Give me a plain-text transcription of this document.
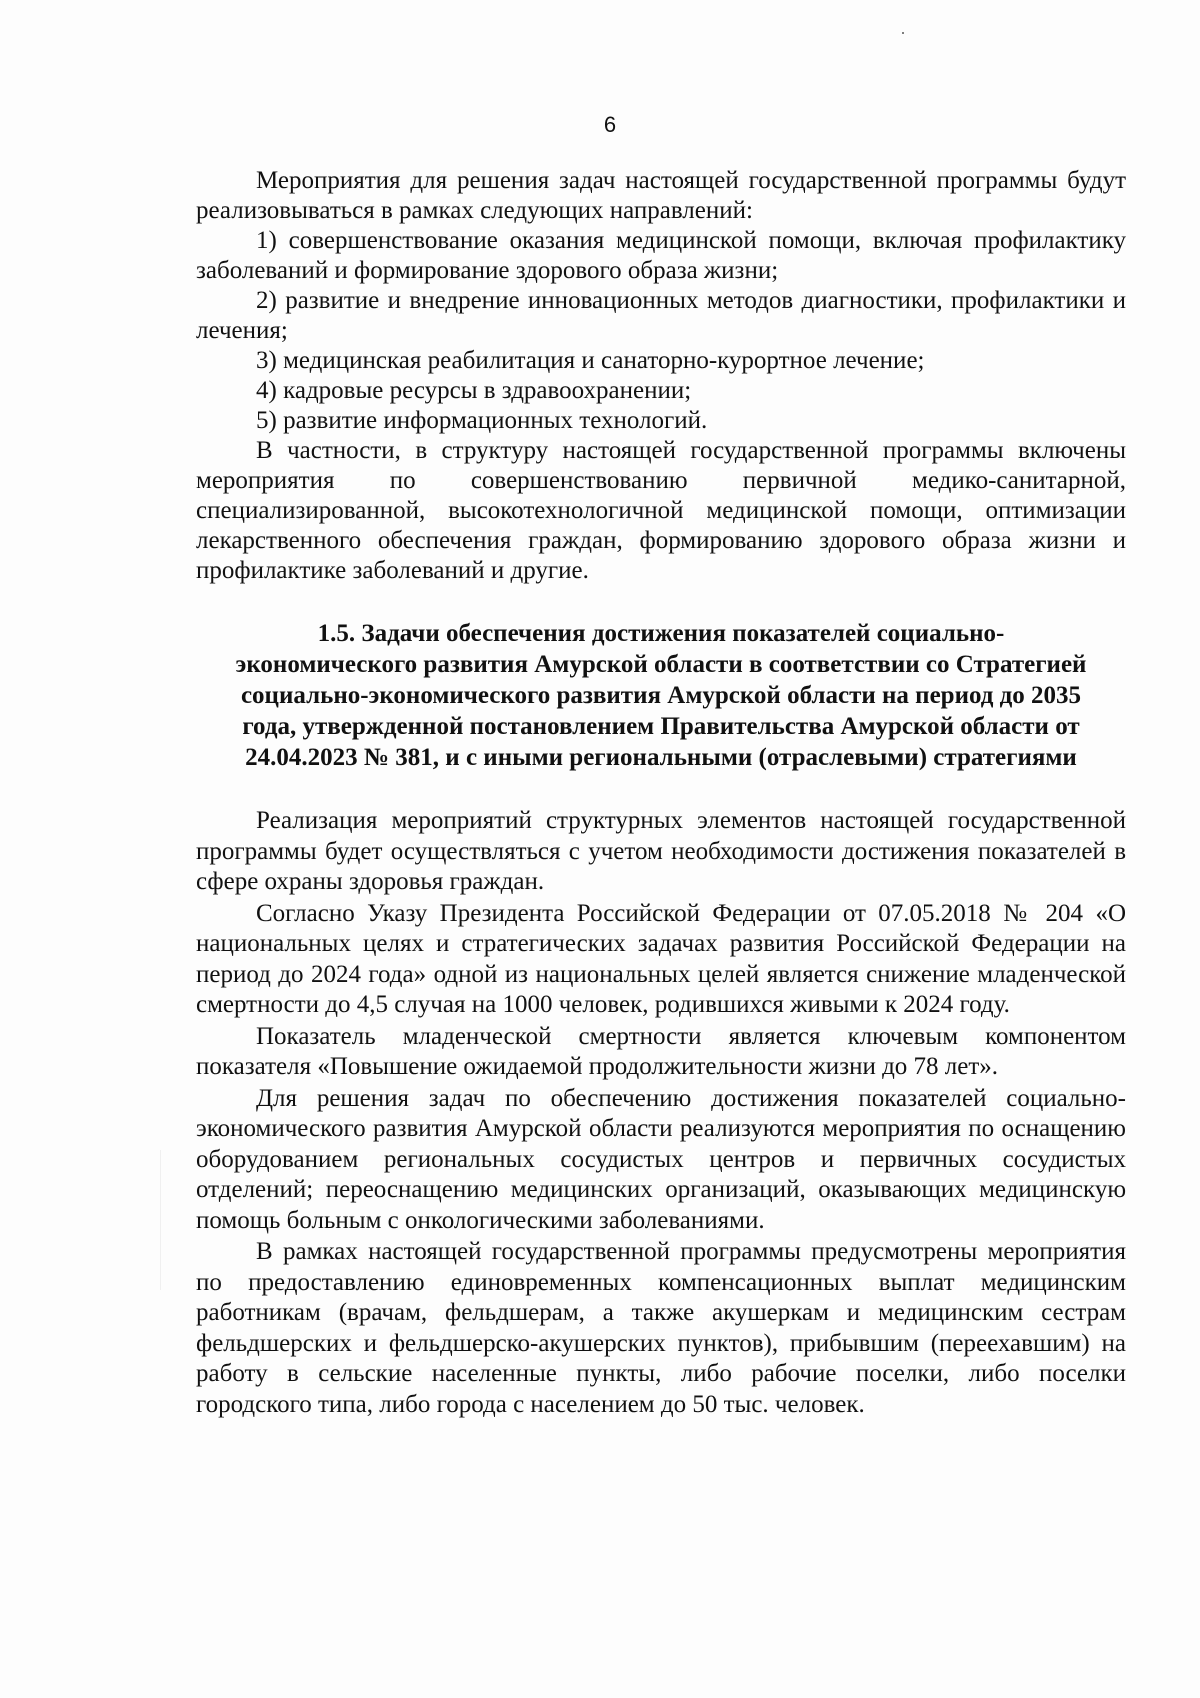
6

Мероприятия для решения задач настоящей государственной программы будут реализовываться в рамках следующих направлений:

1) совершенствование оказания медицинской помощи, включая профилактику заболеваний и формирование здорового образа жизни;

2) развитие и внедрение инновационных методов диагностики, профилактики и лечения;

3) медицинская реабилитация и санаторно-курортное лечение;

4) кадровые ресурсы в здравоохранении;

5) развитие информационных технологий.

В частности, в структуру настоящей государственной программы включены мероприятия по совершенствованию первичной медико-санитарной, специализированной, высокотехнологичной медицинской помощи, оптимизации лекарственного обеспечения граждан, формированию здорового образа жизни и профилактике заболеваний и другие.

1.5. Задачи обеспечения достижения показателей социально-
экономического развития Амурской области в соответствии со Стратегией
социально-экономического развития Амурской области на период до 2035
года, утвержденной постановлением Правительства Амурской области от
24.04.2023 № 381, и с иными региональными (отраслевыми) стратегиями

Реализация мероприятий структурных элементов настоящей государственной программы будет осуществляться с учетом необходимости достижения показателей в сфере охраны здоровья граждан.

Согласно Указу Президента Российской Федерации от 07.05.2018 № 204 «О национальных целях и стратегических задачах развития Российской Федерации на период до 2024 года» одной из национальных целей является снижение младенческой смертности до 4,5 случая на 1000 человек, родившихся живыми к 2024 году.

Показатель младенческой смертности является ключевым компонентом показателя «Повышение ожидаемой продолжительности жизни до 78 лет».

Для решения задач по обеспечению достижения показателей социально-экономического развития Амурской области реализуются мероприятия по оснащению оборудованием региональных сосудистых центров и первичных сосудистых отделений; переоснащению медицинских организаций, оказывающих медицинскую помощь больным с онкологическими заболеваниями.

В рамках настоящей государственной программы предусмотрены мероприятия по предоставлению единовременных компенсационных выплат медицинским работникам (врачам, фельдшерам, а также акушеркам и медицинским сестрам фельдшерских и фельдшерско-акушерских пунктов), прибывшим (переехавшим) на работу в сельские населенные пункты, либо рабочие поселки, либо поселки городского типа, либо города с населением до 50 тыс. человек.
